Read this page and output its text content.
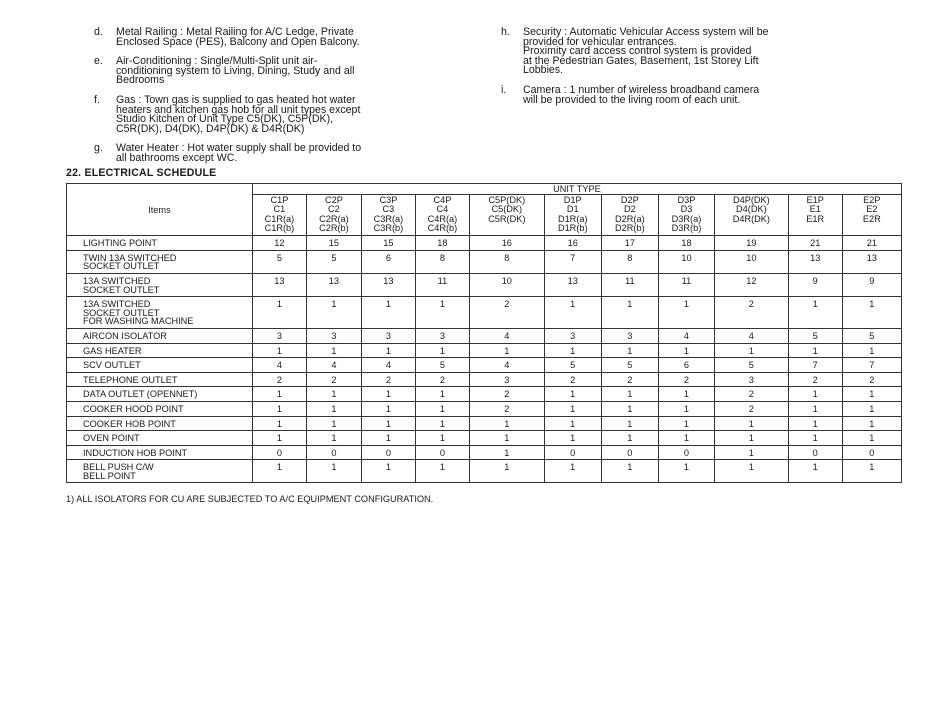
d.	Metal Railing : Metal Railing for A/C Ledge, Private
Enclosed Space (PES), Balcony and Open Balcony.
e.	Air-Conditioning : Single/Multi-Split unit air-
conditioning system to Living, Dining, Study and all
Bedrooms
f.	Gas : Town gas is supplied to gas heated hot water
heaters and kitchen gas hob for all unit types except
Studio Kitchen of Unit Type C5(DK), C5P(DK),
C5R(DK), D4(DK), D4P(DK) & D4R(DK)
g.	Water Heater : Hot water supply shall be provided to
all bathrooms except WC.
h.	Security : Automatic Vehicular Access system will be
provided for vehicular entrances.
Proximity card access control system is provided
at the Pedestrian Gates, Basement, 1st Storey Lift
Lobbies.
i.	Camera : 1 number of wireless broadband camera
will be provided to the living room of each unit.
22. ELECTRICAL SCHEDULE
Items	UNIT TYPE										

	C1P
C1
C1R(a)
C1R(b)	C2P
C2
C2R(a)
C2R(b)	C3P
C3
C3R(a)
C3R(b)	C4P
C4
C4R(a)
C4R(b)	C5P(DK)
C5(DK)
C5R(DK)	D1P
D1
D1R(a)
D1R(b)	D2P
D2
D2R(a)
D2R(b)	D3P
D3
D3R(a)
D3R(b)	D4P(DK)
D4(DK)
D4R(DK)	E1P
E1
E1R	E2P
E2
E2R

LIGHTING POINT	12	15	15	18	16	16	17	18	19	21	21

TWIN 13A SWITCHED
SOCKET OUTLET	5	5	6	8	8	7	8	10	10	13	13

13A SWITCHED
SOCKET OUTLET	13	13	13	11	10	13	11	11	12	9	9

13A SWITCHED
SOCKET OUTLET
FOR WASHING MACHINE	1	1	1	1	2	1	1	1	2	1	1

AIRCON ISOLATOR	3	3	3	3	4	3	3	4	4	5	5

GAS HEATER	1	1	1	1	1	1	1	1	1	1	1

SCV OUTLET	4	4	4	5	4	5	5	6	5	7	7

TELEPHONE OUTLET	2	2	2	2	3	2	2	2	3	2	2

DATA OUTLET (OPENNET)	1	1	1	1	2	1	1	1	2	1	1

COOKER HOOD POINT	1	1	1	1	2	1	1	1	2	1	1

COOKER HOB POINT	1	1	1	1	1	1	1	1	1	1	1

OVEN POINT	1	1	1	1	1	1	1	1	1	1	1

INDUCTION HOB POINT	0	0	0	0	1	0	0	0	1	0	0

BELL PUSH C/W
BELL POINT	1	1	1	1	1	1	1	1	1	1	1
1) ALL ISOLATORS FOR CU ARE SUBJECTED TO A/C EQUIPMENT CONFIGURATION.
